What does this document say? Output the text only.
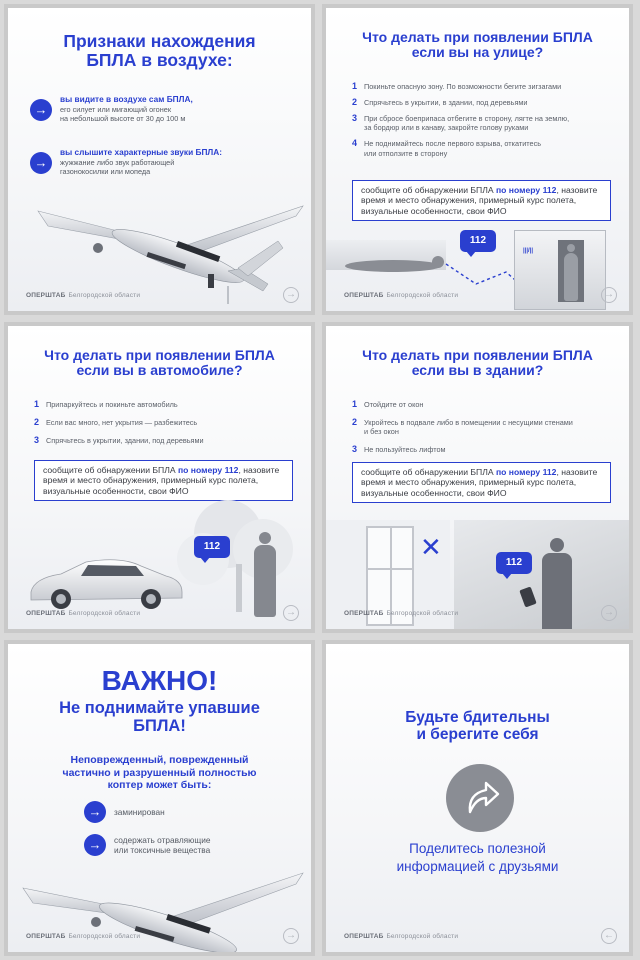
Признаки нахождения
БПЛА в воздухе:
→
вы видите в воздухе сам БПЛА,
его силует или мигающий огонек
на небольшой высоте от 30 до 100 м
→
вы слышите характерные звуки БПЛА:
жужжание либо звук работающей
газонокосилки или мопеда
ОПЕРШТАБ Белгородской области	→
Что делать при появлении БПЛА
если вы на улице?
1 Покиньте опасную зону. По возможности бегите зигзагами
2 Спрячьтесь в укрытии, в здании, под деревьями
3 При сбросе боеприпаса отбегите в сторону, лягте на землю,
за бордюр или в канаву, закройте голову руками
4 Не поднимайтесь после первого взрыва, откатитесь
или отползите в сторону
сообщите об обнаружении БПЛА по номеру 112, назовите время и место обнаружения, примерный курс полета, визуальные особенности, свои ФИО
112
|||/||
ОПЕРШТАБ Белгородской области	→
Что делать при появлении БПЛА
если вы в автомобиле?
1 Припаркуйтесь и покиньте автомобиль
2 Если вас много, нет укрытия — разбежитесь
3 Спрячьтесь в укрытии, здании, под деревьями
сообщите об обнаружении БПЛА по номеру 112, назовите время и место обнаружения, примерный курс полета, визуальные особенности, свои ФИО
112
ОПЕРШТАБ Белгородской области	→
Что делать при появлении БПЛА
если вы в здании?
1 Отойдите от окон
2 Укройтесь в подвале либо в помещении с несущими стенами
и без окон
3 Не пользуйтесь лифтом
сообщите об обнаружении БПЛА по номеру 112, назовите время и место обнаружения, примерный курс полета, визуальные особенности, свои ФИО
✕
112
ОПЕРШТАБ Белгородской области	→
ВАЖНО!
Не поднимайте упавшие
БПЛА!
Неповрежденный, поврежденный
частично и разрушенный полностью
коптер может быть:
→	заминирован
→	содержать отравляющие
или токсичные вещества
ОПЕРШТАБ Белгородской области	→
Будьте бдительны
и берегите себя
Поделитесь полезной
информацией с друзьями
ОПЕРШТАБ Белгородской области	←
